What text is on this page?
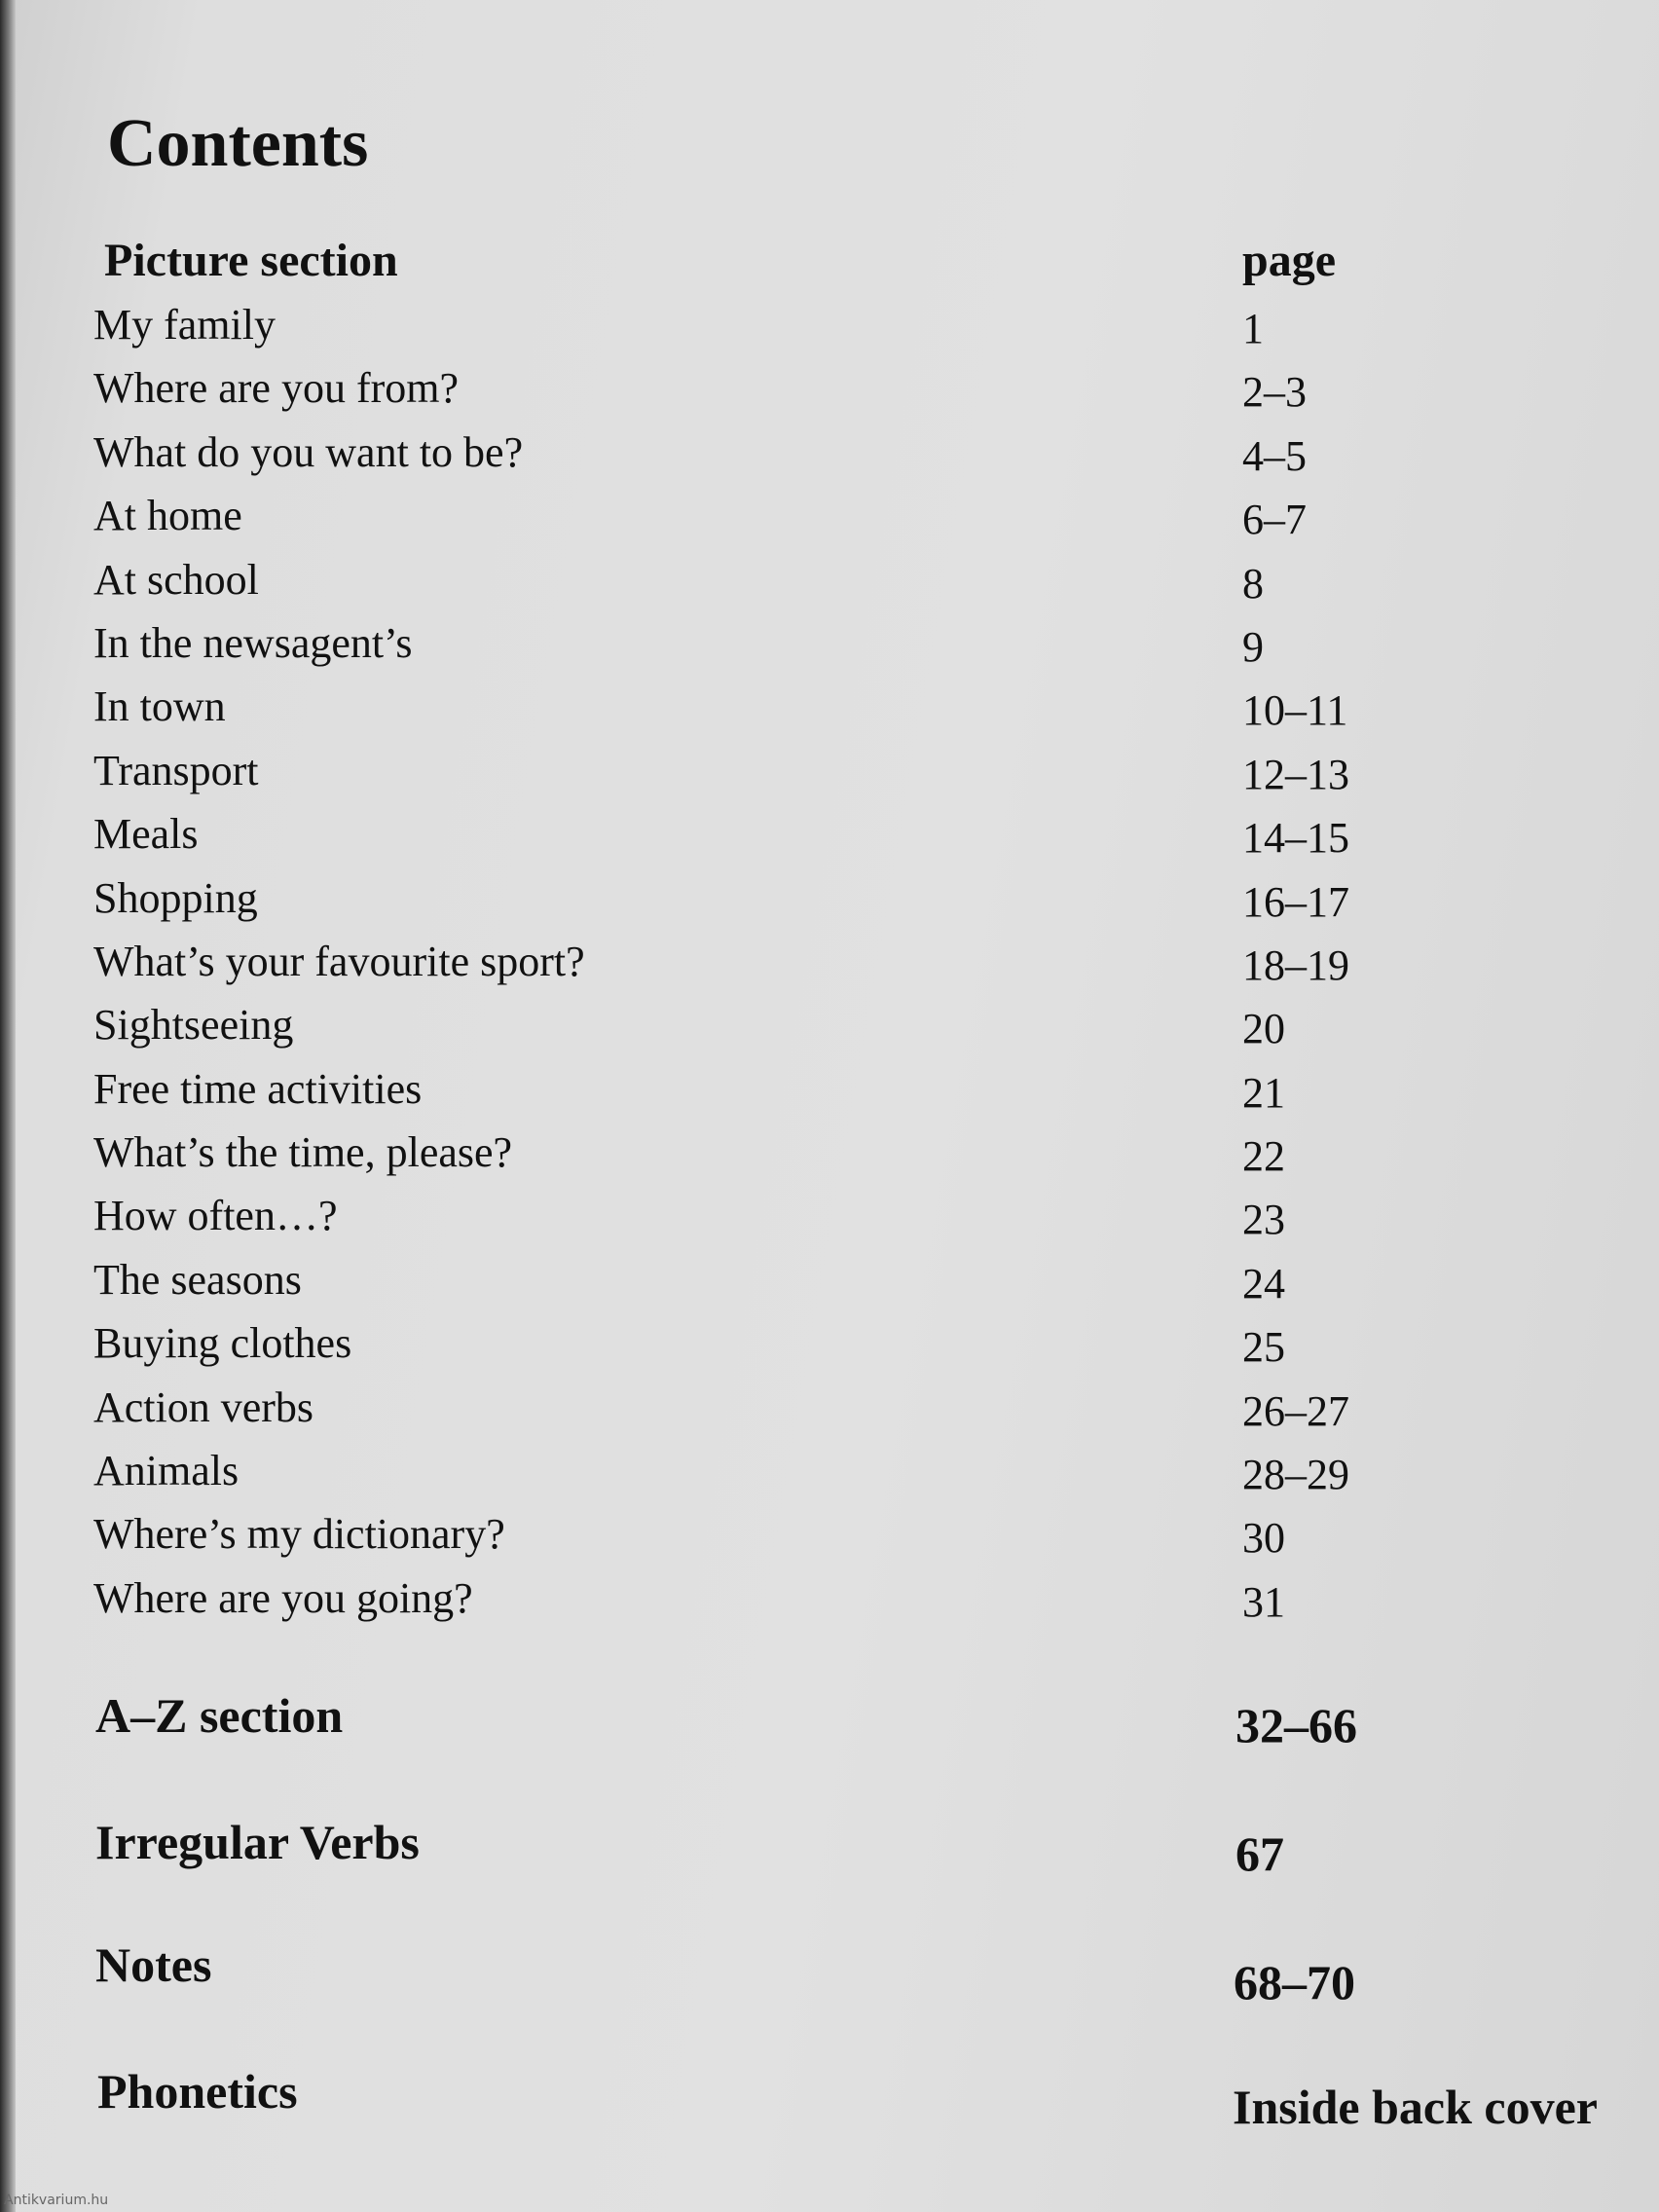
Contents
Picture section	page
My family	1
Where are you from?	2–3
What do you want to be?	4–5
At home	6–7
At school	8
In the newsagent’s	9
In town	10–11
Transport	12–13
Meals	14–15
Shopping	16–17
What’s your favourite sport?	18–19
Sightseeing	20
Free time activities	21
What’s the time, please?	22
How often…?	23
The seasons	24
Buying clothes	25
Action verbs	26–27
Animals	28–29
Where’s my dictionary?	30
Where are you going?	31
A–Z section	32–66
Irregular Verbs	67
Notes	68–70
Phonetics	Inside back cover
Antikvarium.hu
